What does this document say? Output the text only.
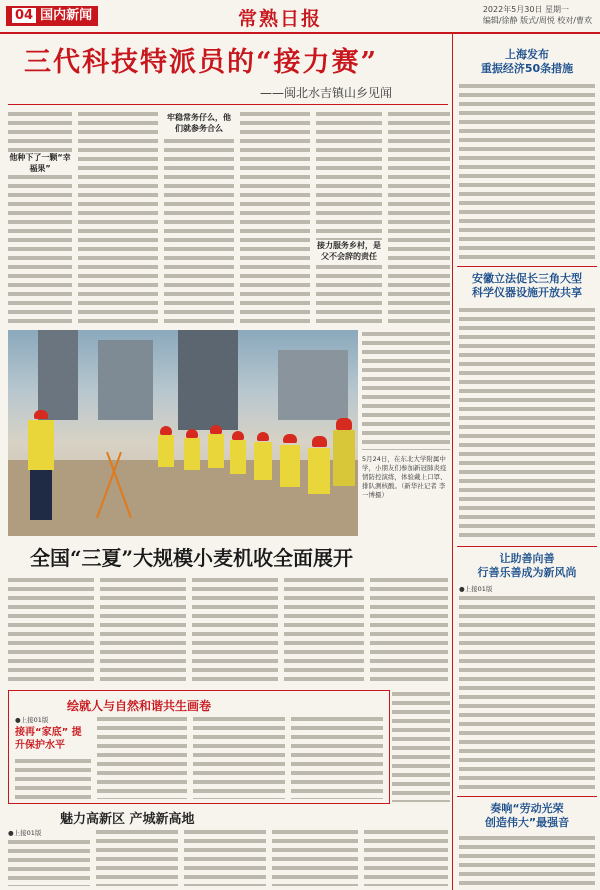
04 国内新闻	常熟日报	2022年5月30日 星期一
编辑/徐静 版式/周悦 校对/曹欢
三代科技特派员的“接力赛”
——闽北水吉镇山乡见闻
他种下了一颗“幸福果”
牢稳常务仔么，他们就参务合么
接力服务乡村，是父不会辞的责任
5月24日，在东北大学附属中学，小朋友们参加新冠肺炎疫情防控演练，体验戴上口罩、排队测核酸。（新华社记者 李一博摄）
全国“三夏”大规模小麦机收全面展开
绘就人与自然和谐共生画卷
●上接01版
接再“家底” 提升保护水平
魅力高新区 产城新高地
●上接01版
上海发布
重振经济50条措施
安徽立法促长三角大型
科学仪器设施开放共享
让助善向善
行善乐善成为新风尚
●上接01版
奏响“劳动光荣
创造伟大”最强音
